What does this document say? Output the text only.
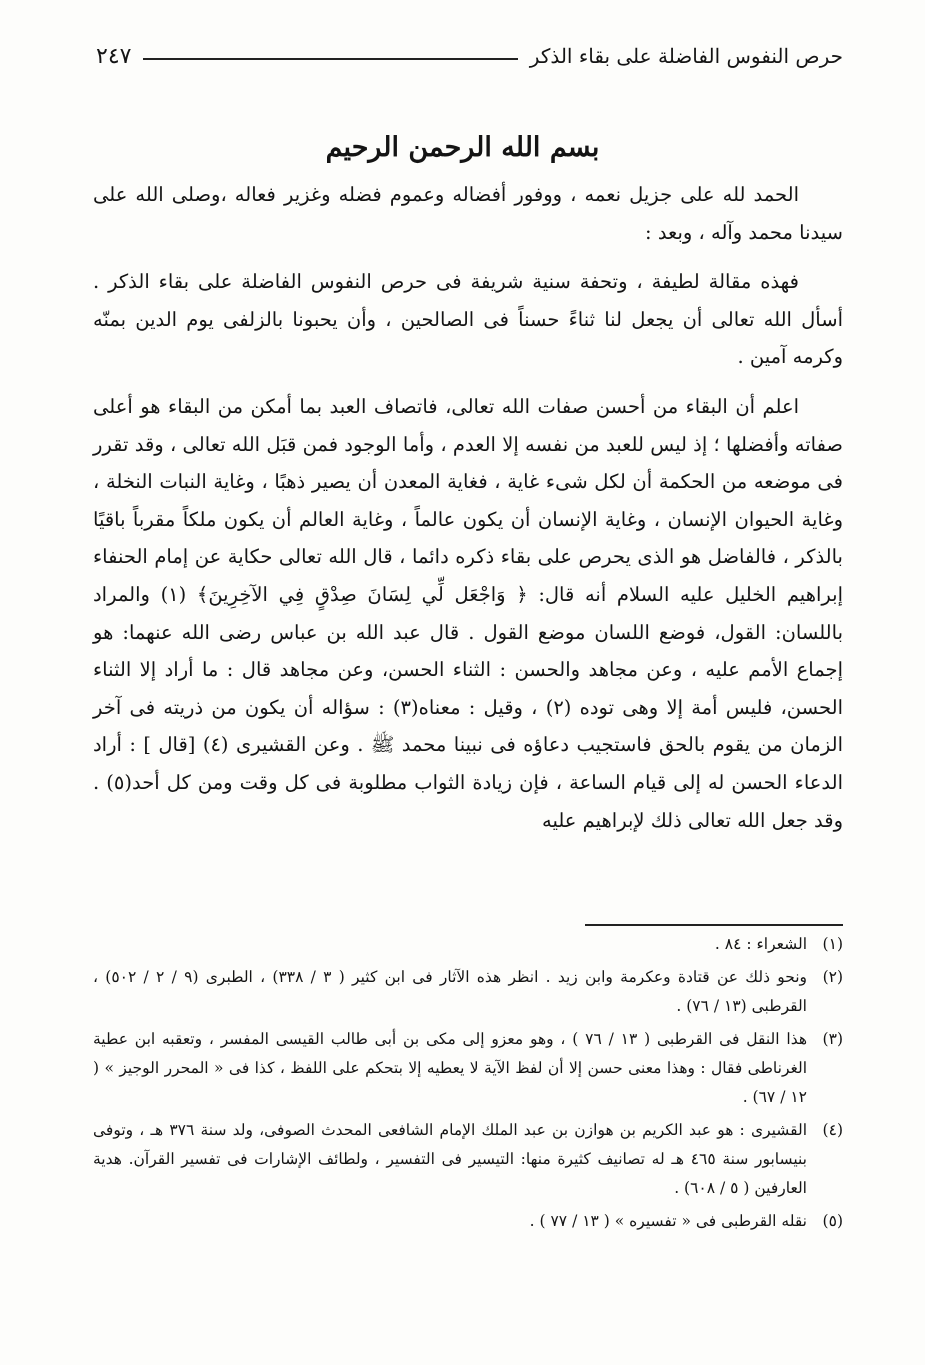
حرص النفوس الفاضلة على بقاء الذكر
٢٤٧
بسم الله الرحمن الرحيم

الحمد لله على جزيل نعمه ، ووفور أفضاله وعموم فضله وغزير فعاله ،وصلى الله على سيدنا محمد وآله ، وبعد :

فهذه مقالة لطيفة ، وتحفة سنية شريفة فى حرص النفوس الفاضلة على بقاء الذكر . أسأل الله تعالى أن يجعل لنا ثناءً حسناً فى الصالحين ، وأن يحبونا بالزلفى يوم الدين بمنّه وكرمه آمين .

اعلم أن البقاء من أحسن صفات الله تعالى، فاتصاف العبد بما أمكن من البقاء هو أعلى صفاته وأفضلها ؛ إذ ليس للعبد من نفسه إلا العدم ، وأما الوجود فمن قبَل الله تعالى ، وقد تقرر فى موضعه من الحكمة أن لكل شىء غاية ، فغاية المعدن أن يصير ذهبًا ، وغاية النبات النخلة ، وغاية الحيوان الإنسان ، وغاية الإنسان أن يكون عالماً ، وغاية العالم أن يكون ملكاً مقرباً باقيًا بالذكر ، فالفاضل هو الذى يحرص على بقاء ذكره دائما ، قال الله تعالى حكاية عن إمام الحنفاء إبراهيم الخليل عليه السلام أنه قال: ﴿ وَاجْعَل لِّي لِسَانَ صِدْقٍ فِي الآخِرِينَ﴾ (١) والمراد باللسان: القول، فوضع اللسان موضع القول . قال عبد الله بن عباس رضى الله عنهما: هو إجماع الأمم عليه ، وعن مجاهد والحسن : الثناء الحسن، وعن مجاهد قال : ما أراد إلا الثناء الحسن، فليس أمة إلا وهى توده (٢) ، وقيل : معناه(٣) : سؤاله أن يكون من ذريته فى آخر الزمان من يقوم بالحق فاستجيب دعاؤه فى نبينا محمد ﷺ . وعن القشيرى (٤) [قال ] : أراد الدعاء الحسن له إلى قيام الساعة ، فإن زيادة الثواب مطلوبة فى كل وقت ومن كل أحد(٥) . وقد جعل الله تعالى ذلك لإبراهيم عليه

(١)الشعراء : ٨٤ .
(٢)ونحو ذلك عن قتادة وعكرمة وابن زيد . انظر هذه الآثار فى ابن كثير ( ٣ / ٣٣٨) ، الطبرى (٩ / ٢ / ٥٠٢) ، القرطبى (١٣ / ٧٦) .
(٣)هذا النقل فى القرطبى ( ١٣ / ٧٦ ) ، وهو معزو إلى مكى بن أبى طالب القيسى المفسر ، وتعقبه ابن عطية الغرناطى فقال : وهذا معنى حسن إلا أن لفظ الآية لا يعطيه إلا بتحكم على اللفظ ، كذا فى « المحرر الوجيز » ( ١٢ / ٦٧) .
(٤)القشيرى : هو عبد الكريم بن هوازن بن عبد الملك الإمام الشافعى المحدث الصوفى، ولد سنة ٣٧٦ هـ ، وتوفى بنيسابور سنة ٤٦٥ هـ له تصانيف كثيرة منها: التيسير فى التفسير ، ولطائف الإشارات فى تفسير القرآن. هدية العارفين ( ٥ / ٦٠٨) .
(٥)نقله القرطبى فى « تفسيره » ( ١٣ / ٧٧ ) .
